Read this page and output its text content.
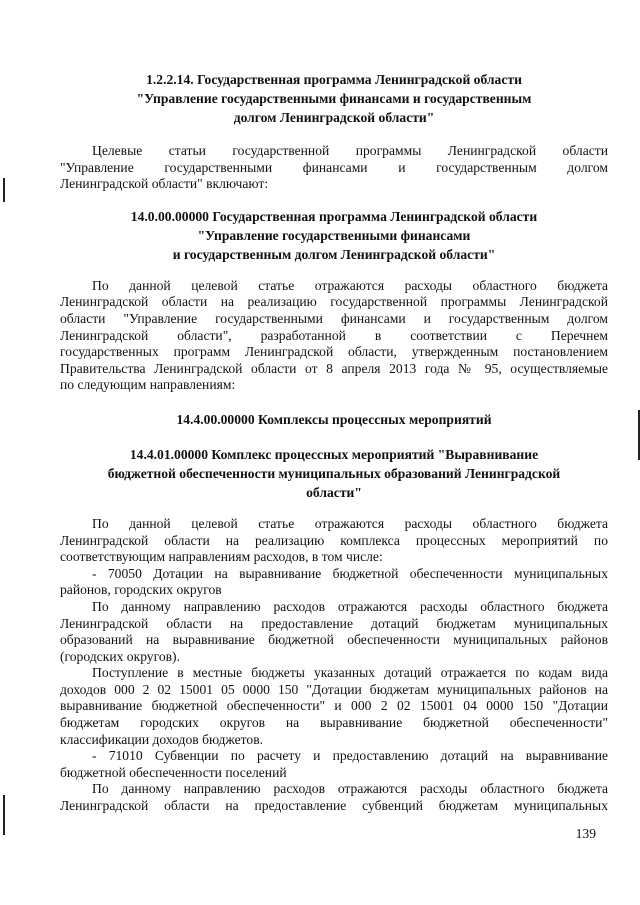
1.2.2.14. Государственная программа Ленинградской области
"Управление государственными финансами и государственным
долгом Ленинградской области"
Целевые статьи государственной программы Ленинградской области
"Управление государственными финансами и государственным долгом
Ленинградской области" включают:
14.0.00.00000 Государственная программа Ленинградской области
"Управление государственными финансами
и государственным долгом Ленинградской области"
По данной целевой статье отражаются расходы областного бюджета
Ленинградской области на реализацию государственной программы Ленинградской
области "Управление государственными финансами и государственным долгом
Ленинградской области", разработанной в соответствии с Перечнем
государственных программ Ленинградской области, утвержденным постановлением
Правительства Ленинградской области от 8 апреля 2013 года № 95, осуществляемые
по следующим направлениям:
14.4.00.00000 Комплексы процессных мероприятий
14.4.01.00000 Комплекс процессных мероприятий "Выравнивание
бюджетной обеспеченности муниципальных образований Ленинградской
области"
По данной целевой статье отражаются расходы областного бюджета
Ленинградской области на реализацию комплекса процессных мероприятий по
соответствующим направлениям расходов, в том числе:
- 70050 Дотации на выравнивание бюджетной обеспеченности муниципальных
районов, городских округов
По данному направлению расходов отражаются расходы областного бюджета
Ленинградской области на предоставление дотаций бюджетам муниципальных
образований на выравнивание бюджетной обеспеченности муниципальных районов
(городских округов).
Поступление в местные бюджеты указанных дотаций отражается по кодам вида
доходов 000 2 02 15001 05 0000 150 "Дотации бюджетам муниципальных районов на
выравнивание бюджетной обеспеченности" и 000 2 02 15001 04 0000 150 "Дотации
бюджетам городских округов на выравнивание бюджетной обеспеченности"
классификации доходов бюджетов.
- 71010 Субвенции по расчету и предоставлению дотаций на выравнивание
бюджетной обеспеченности поселений
По данному направлению расходов отражаются расходы областного бюджета
Ленинградской области на предоставление субвенций бюджетам муниципальных
139
